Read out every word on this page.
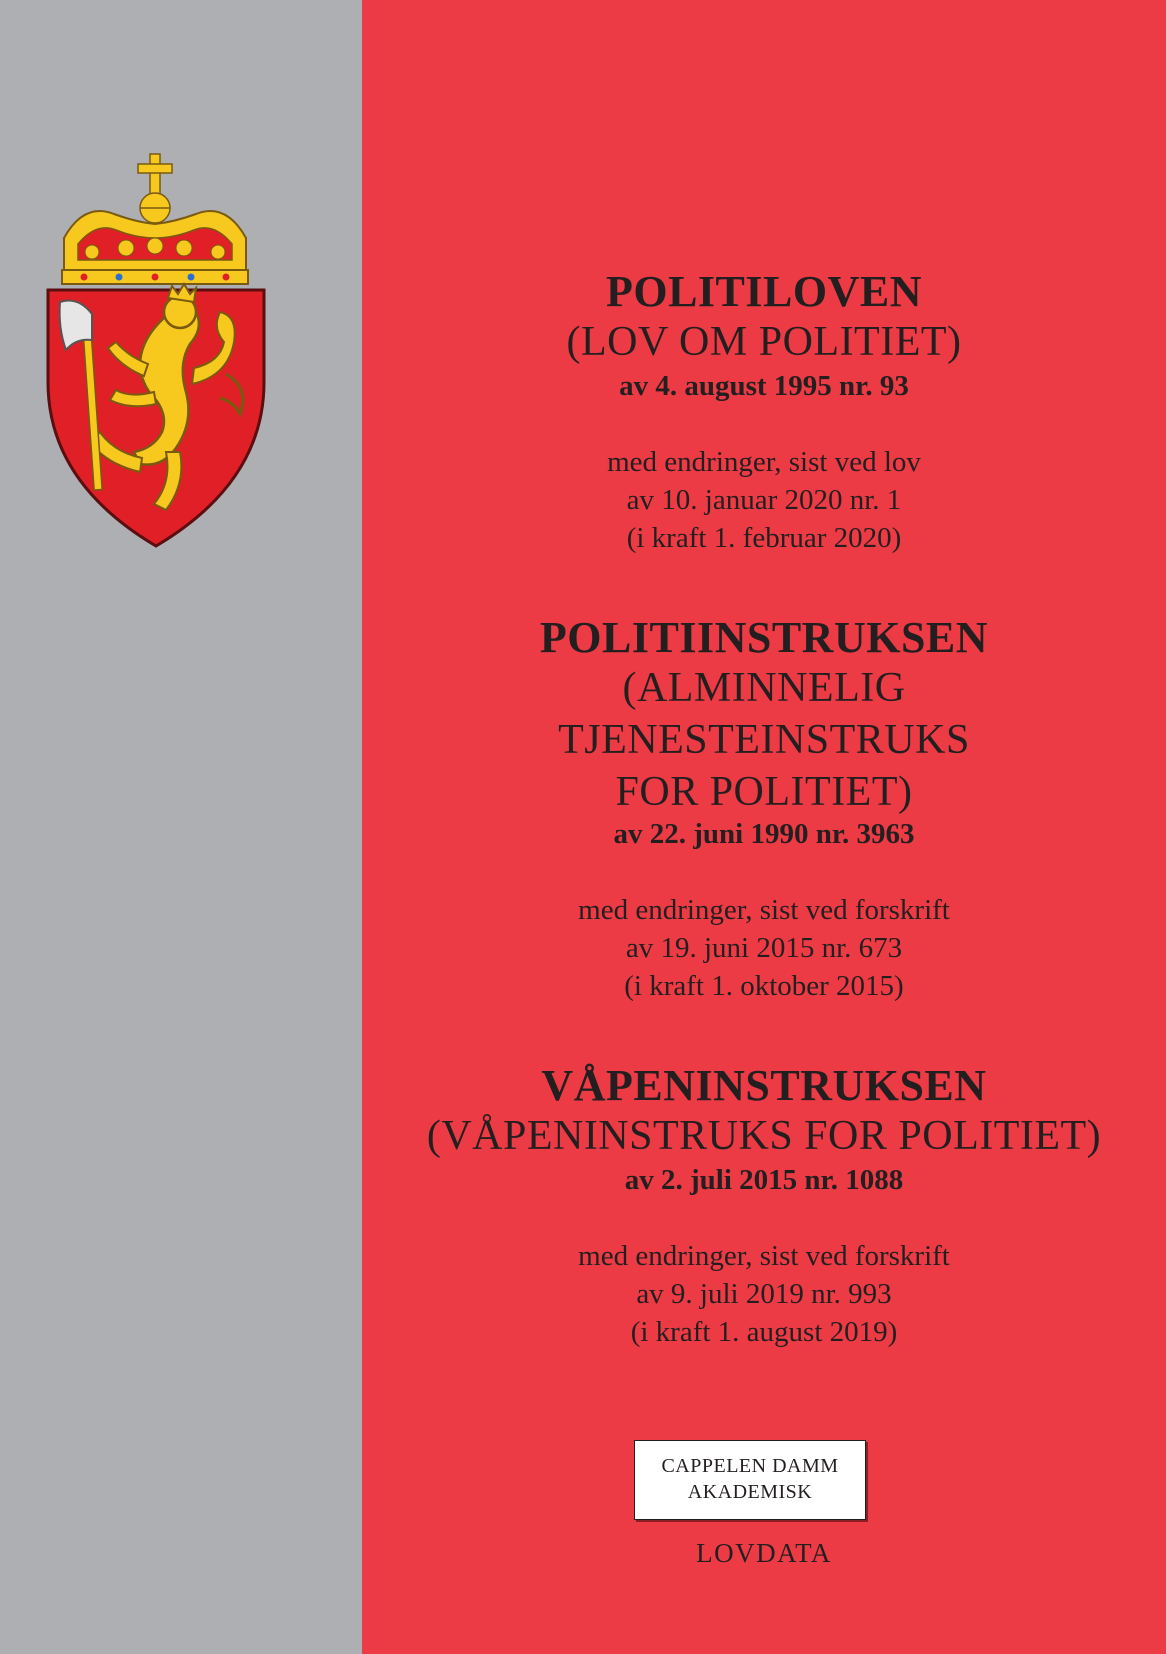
POLITILOVEN
(LOV OM POLITIET)
av 4. august 1995 nr. 93
med endringer, sist ved lov
av 10. januar 2020 nr. 1
(i kraft 1. februar 2020)
POLITIINSTRUKSEN
(ALMINNELIG
TJENESTEINSTRUKS
FOR POLITIET)
av 22. juni 1990 nr. 3963
med endringer, sist ved forskrift
av 19. juni 2015 nr. 673
(i kraft 1. oktober 2015)
VÅPENINSTRUKSEN
(VÅPENINSTRUKS FOR POLITIET)
av 2. juli 2015 nr. 1088
med endringer, sist ved forskrift
av 9. juli 2019 nr. 993
(i kraft 1. august 2019)
CAPPELEN DAMM
AKADEMISK
LOVDATA
